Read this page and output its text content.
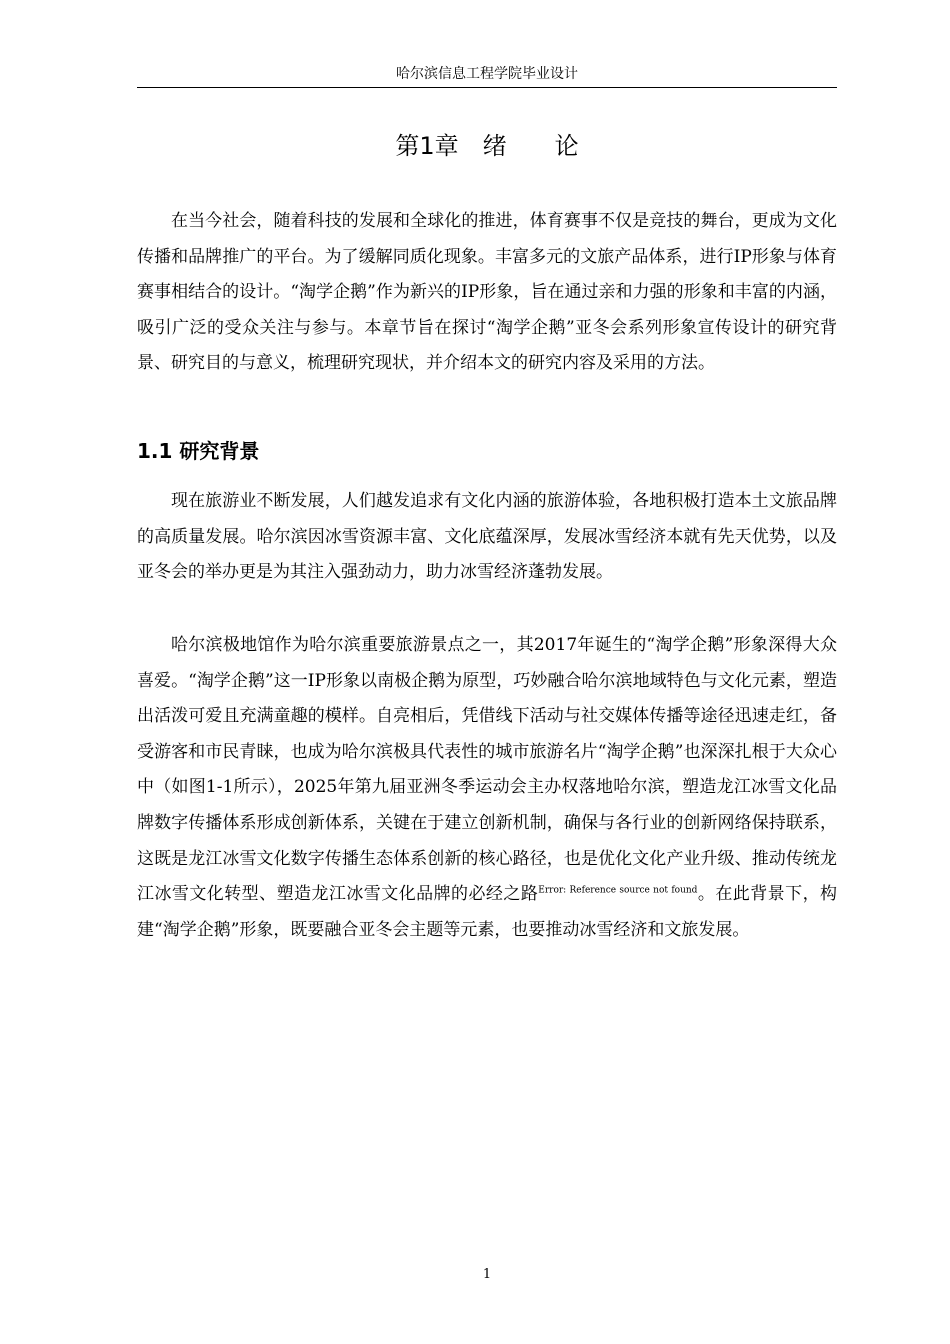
哈尔滨信息工程学院毕业设计
第1章　绪　　论

在当今社会，随着科技的发展和全球化的推进，体育赛事不仅是竞技的舞台，更成为文化传播和品牌推广的平台。为了缓解同质化现象。丰富多元的文旅产品体系，进行IP形象与体育赛事相结合的设计。“淘学企鹅”作为新兴的IP形象，旨在通过亲和力强的形象和丰富的内涵，吸引广泛的受众关注与参与。本章节旨在探讨“淘学企鹅”亚冬会系列形象宣传设计的研究背景、研究目的与意义，梳理研究现状，并介绍本文的研究内容及采用的方法。

1.1 研究背景

现在旅游业不断发展，人们越发追求有文化内涵的旅游体验，各地积极打造本土文旅品牌的高质量发展。哈尔滨因冰雪资源丰富、文化底蕴深厚，发展冰雪经济本就有先天优势，以及亚冬会的举办更是为其注入强劲动力，助力冰雪经济蓬勃发展。

哈尔滨极地馆作为哈尔滨重要旅游景点之一，其2017年诞生的“淘学企鹅”形象深得大众喜爱。“淘学企鹅”这一IP形象以南极企鹅为原型，巧妙融合哈尔滨地域特色与文化元素，塑造出活泼可爱且充满童趣的模样。自亮相后，凭借线下活动与社交媒体传播等途径迅速走红，备受游客和市民青睐，也成为哈尔滨极具代表性的城市旅游名片“淘学企鹅”也深深扎根于大众心中（如图1-1所示），2025年第九届亚洲冬季运动会主办权落地哈尔滨，塑造龙江冰雪文化品牌数字传播体系形成创新体系，关键在于建立创新机制，确保与各行业的创新网络保持联系，这既是龙江冰雪文化数字传播生态体系创新的核心路径，也是优化文化产业升级、推动传统龙江冰雪文化转型、塑造龙江冰雪文化品牌的必经之路$^{Error: Reference source not found}$。在此背景下，构建“淘学企鹅”形象，既要融合亚冬会主题等元素，也要推动冰雪经济和文旅发展。

1
